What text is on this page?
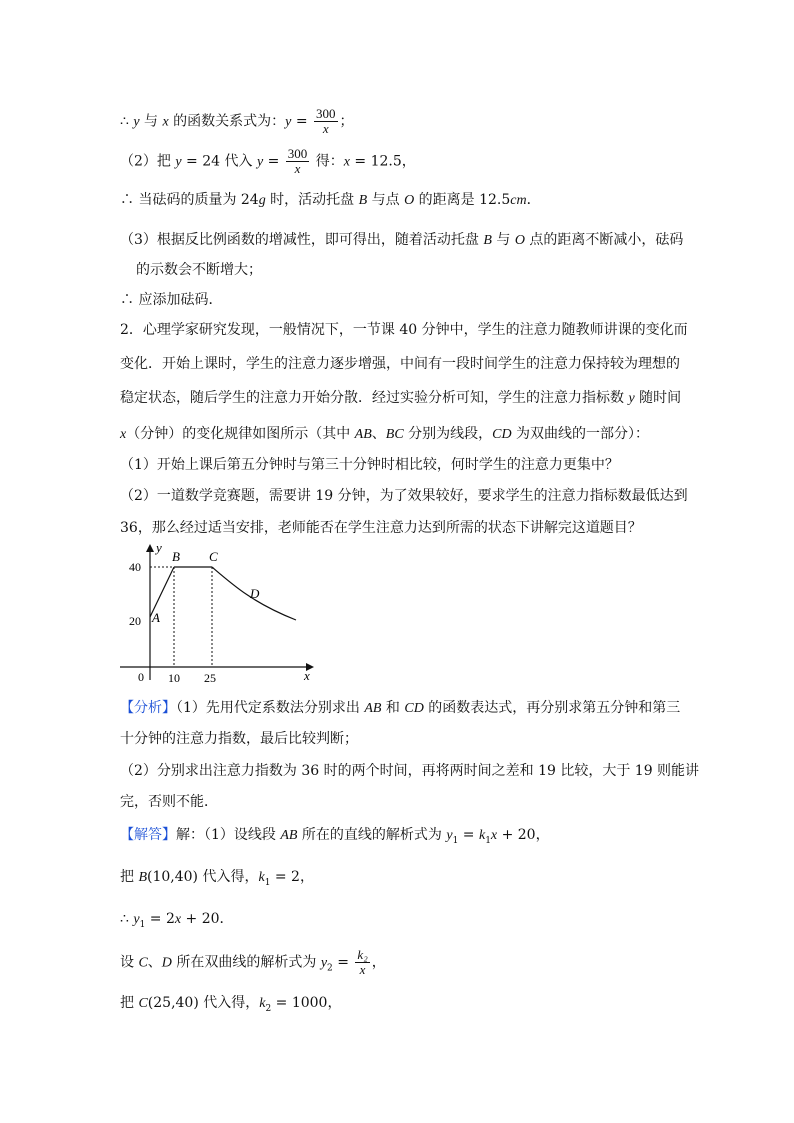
∴ y 与 x 的函数关系式为：$y = \frac{300}{x}$ ；
（2）把 y = 24 代入 $y = \frac{300}{x}$ 得：x = 12.5，
∴ 当砝码的质量为 24g 时，活动托盘 B 与点 O 的距离是 12.5cm．
（3）根据反比例函数的增减性，即可得出，随着活动托盘 B 与 O 点的距离不断减小，砝码
的示数会不断增大；
∴ 应添加砝码．
2．心理学家研究发现，一般情况下，一节课 40 分钟中，学生的注意力随教师讲课的变化而
变化．开始上课时，学生的注意力逐步增强，中间有一段时间学生的注意力保持较为理想的
稳定状态，随后学生的注意力开始分散．经过实验分析可知，学生的注意力指标数 y 随时间
x（分钟）的变化规律如图所示（其中 AB、BC 分别为线段，CD 为双曲线的一部分）：
（1）开始上课后第五分钟时与第三十分钟时相比较，何时学生的注意力更集中？
（2）一道数学竞赛题，需要讲 19 分钟，为了效果较好，要求学生的注意力指标数最低达到
36，那么经过适当安排，老师能否在学生注意力达到所需的状态下讲解完这道题目？
y
x
0
40
20
10 25
A
B C
D
【分析】（1）先用代定系数法分别求出 AB 和 CD 的函数表达式，再分别求第五分钟和第三
十分钟的注意力指数，最后比较判断；
（2）分别求出注意力指数为 36 时的两个时间，再将两时间之差和 19 比较，大于 19 则能讲
完，否则不能．
【解答】解：（1）设线段 AB 所在的直线的解析式为 $y_1 = k_1x + 20$，
把 B(10,40) 代入得，$k_1 = 2$，
∴ $y_1 = 2x + 20$．
设 C、D 所在双曲线的解析式为 $y_2 = \frac{\text{k₂}}{x}$ ，
把 C(25,40) 代入得，$k_2 = 1000$，
